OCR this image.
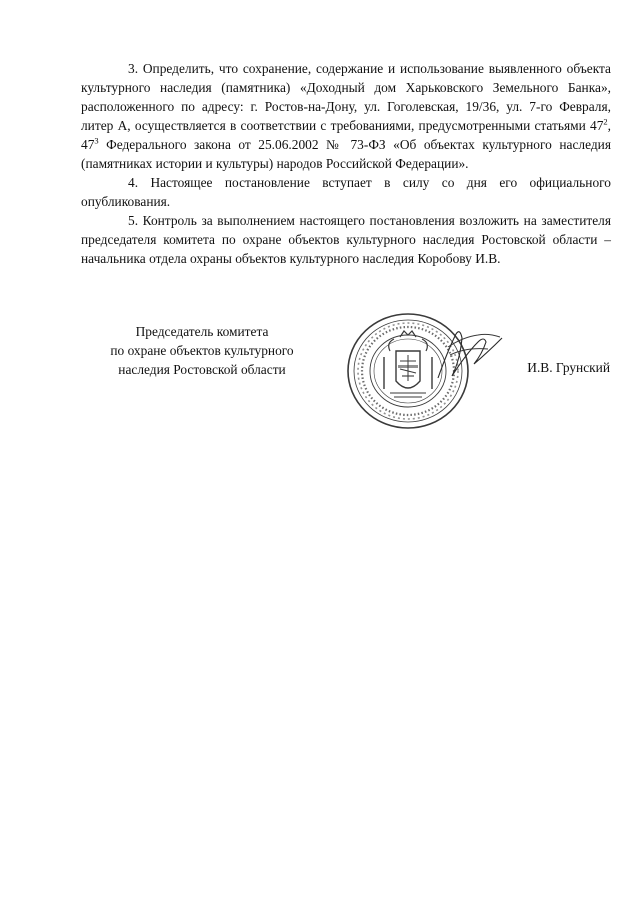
3. Определить, что сохранение, содержание и использование выявленного объекта культурного наследия (памятника) «Доходный дом Харьковского Земельного Банка», расположенного по адресу: г. Ростов-на-Дону, ул. Гоголевская, 19/36, ул. 7-го Февраля, литер А, осуществляется в соответствии с требованиями, предусмотренными статьями $47^2$, $47^3$ Федерального закона от 25.06.2002 № 73-ФЗ «Об объектах культурного наследия (памятниках истории и культуры) народов Российской Федерации».

4. Настоящее постановление вступает в силу со дня его официального опубликования.

5. Контроль за выполнением настоящего постановления возложить на заместителя председателя комитета по охране объектов культурного наследия Ростовской области – начальника отдела охраны объектов культурного наследия Коробову И.В.

Председатель комитета
по охране объектов культурного
наследия Ростовской области	И.В. Грунский
